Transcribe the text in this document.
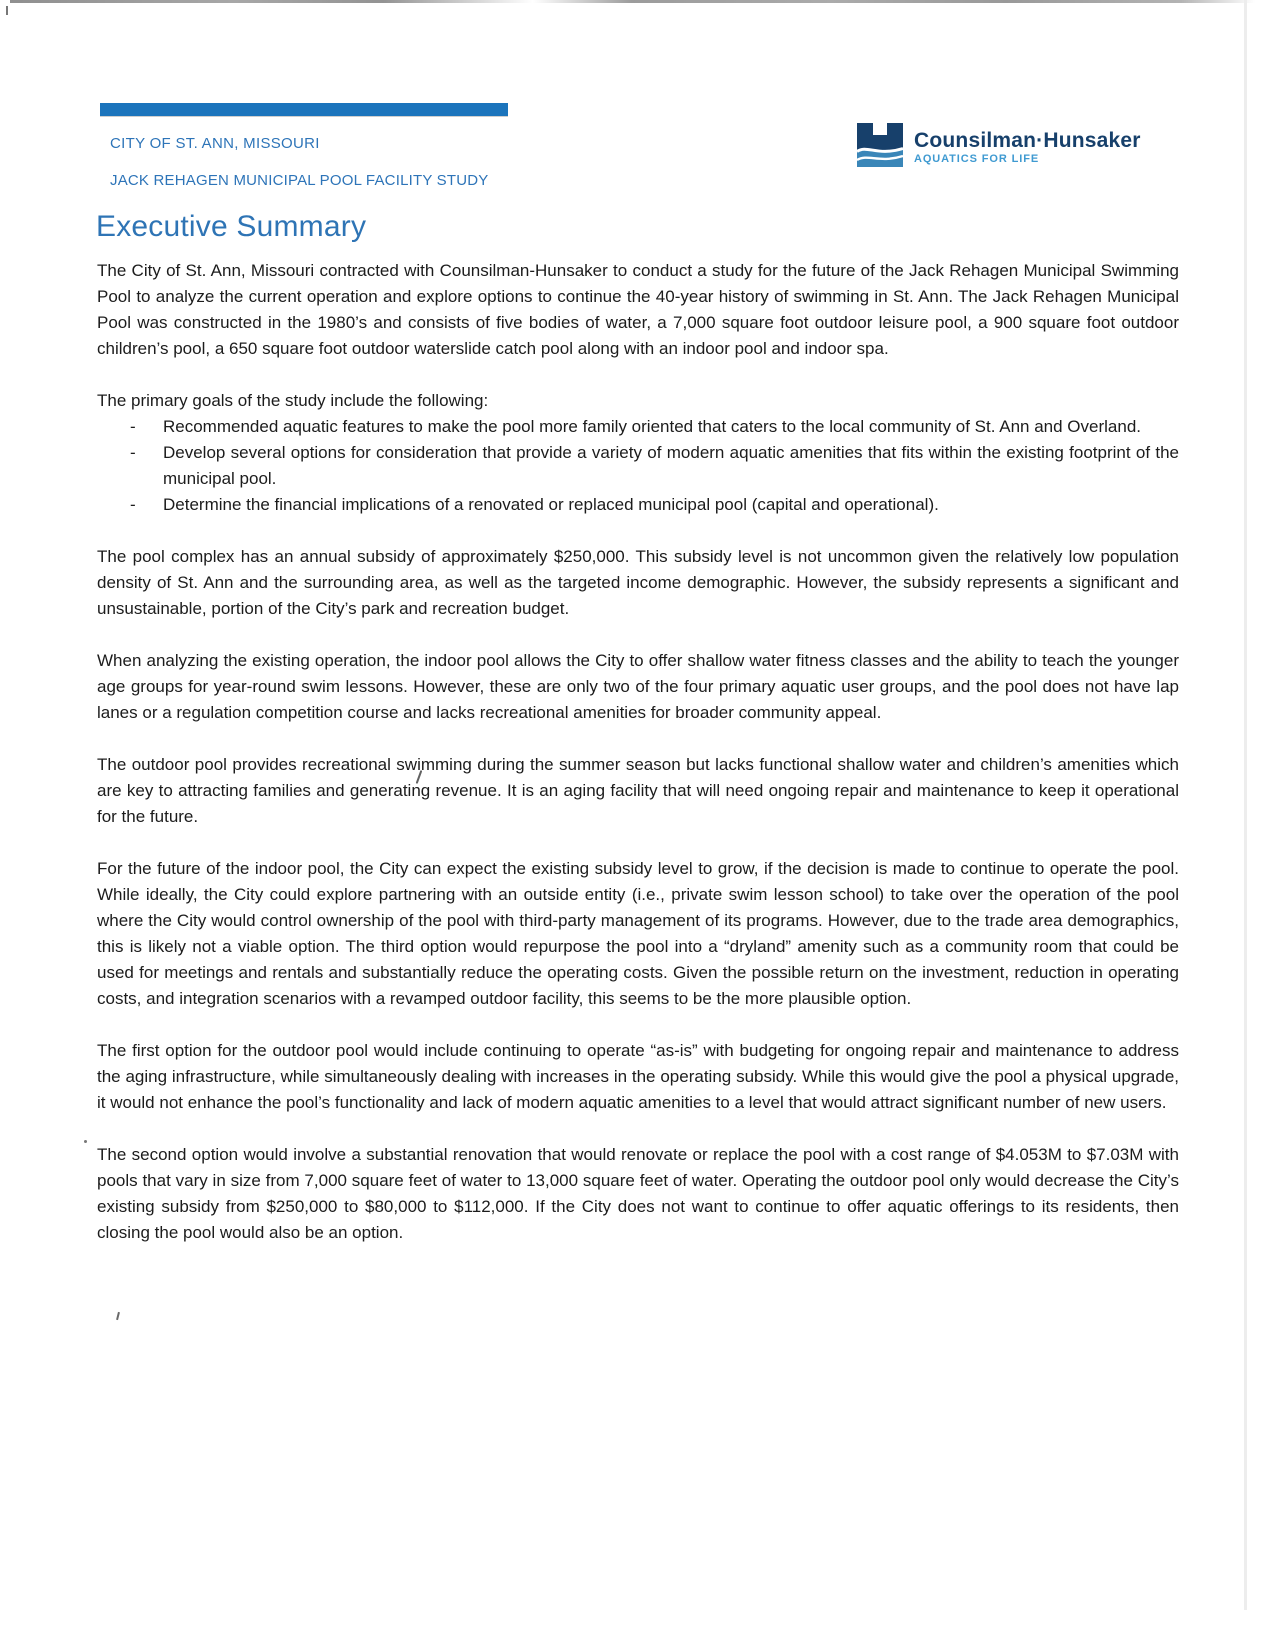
CITY OF ST. ANN, MISSOURI
JACK REHAGEN MUNICIPAL POOL FACILITY STUDY
Counsilman·Hunsaker
AQUATICS FOR LIFE
Executive Summary

The City of St. Ann, Missouri contracted with Counsilman-Hunsaker to conduct a study for the future of the Jack Rehagen Municipal Swimming Pool to analyze the current operation and explore options to continue the 40-year history of swimming in St. Ann. The Jack Rehagen Municipal Pool was constructed in the 1980’s and consists of five bodies of water, a 7,000 square foot outdoor leisure pool, a 900 square foot outdoor children’s pool, a 650 square foot outdoor waterslide catch pool along with an indoor pool and indoor spa.

The primary goals of the study include the following:

-	Recommended aquatic features to make the pool more family oriented that caters to the local community of St. Ann and Overland.
-	Develop several options for consideration that provide a variety of modern aquatic amenities that fits within the existing footprint of the municipal pool.
-	Determine the financial implications of a renovated or replaced municipal pool (capital and operational).

The pool complex has an annual subsidy of approximately $250,000. This subsidy level is not uncommon given the relatively low population density of St. Ann and the surrounding area, as well as the targeted income demographic. However, the subsidy represents a significant and unsustainable, portion of the City’s park and recreation budget.

When analyzing the existing operation, the indoor pool allows the City to offer shallow water fitness classes and the ability to teach the younger age groups for year-round swim lessons. However, these are only two of the four primary aquatic user groups, and the pool does not have lap lanes or a regulation competition course and lacks recreational amenities for broader community appeal.

The outdoor pool provides recreational swimming during the summer season but lacks functional shallow water and children’s amenities which are key to attracting families and generating revenue. It is an aging facility that will need ongoing repair and maintenance to keep it operational for the future.

For the future of the indoor pool, the City can expect the existing subsidy level to grow, if the decision is made to continue to operate the pool. While ideally, the City could explore partnering with an outside entity (i.e., private swim lesson school) to take over the operation of the pool where the City would control ownership of the pool with third-party management of its programs. However, due to the trade area demographics, this is likely not a viable option. The third option would repurpose the pool into a “dryland” amenity such as a community room that could be used for meetings and rentals and substantially reduce the operating costs. Given the possible return on the investment, reduction in operating costs, and integration scenarios with a revamped outdoor facility, this seems to be the more plausible option.

The first option for the outdoor pool would include continuing to operate “as-is” with budgeting for ongoing repair and maintenance to address the aging infrastructure, while simultaneously dealing with increases in the operating subsidy. While this would give the pool a physical upgrade, it would not enhance the pool’s functionality and lack of modern aquatic amenities to a level that would attract significant number of new users.

The second option would involve a substantial renovation that would renovate or replace the pool with a cost range of $4.053M to $7.03M with pools that vary in size from 7,000 square feet of water to 13,000 square feet of water. Operating the outdoor pool only would decrease the City’s existing subsidy from $250,000 to $80,000 to $112,000. If the City does not want to continue to offer aquatic offerings to its residents, then closing the pool would also be an option.
